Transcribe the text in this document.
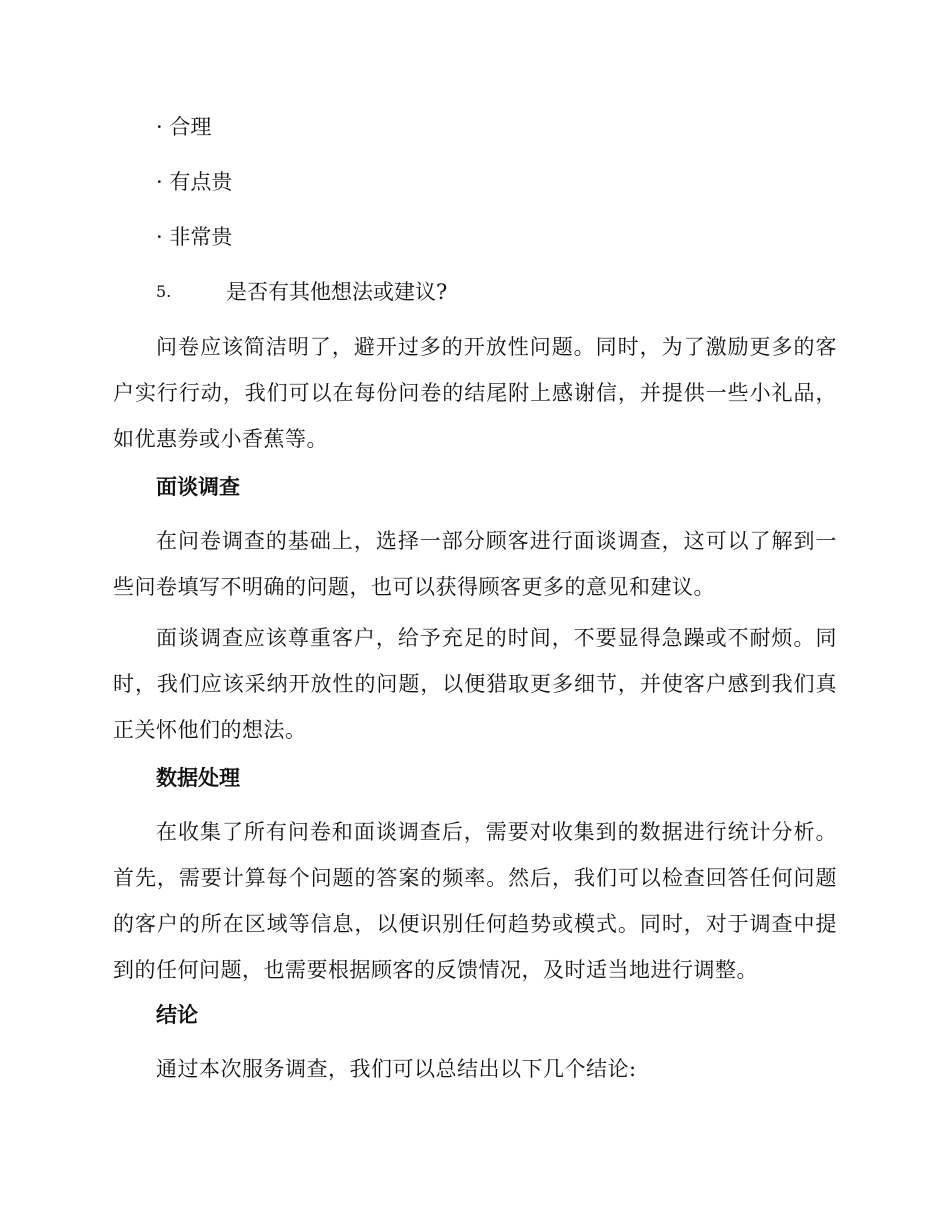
· 合理
· 有点贵
· 非常贵
5.	是否有其他想法或建议?
问卷应该简洁明了，避开过多的开放性问题。同时，为了激励更多的客户实行行动，我们可以在每份问卷的结尾附上感谢信，并提供一些小礼品，如优惠券或小香蕉等。
面谈调查
在问卷调查的基础上，选择一部分顾客进行面谈调查，这可以了解到一些问卷填写不明确的问题，也可以获得顾客更多的意见和建议。
面谈调查应该尊重客户，给予充足的时间，不要显得急躁或不耐烦。同时，我们应该采纳开放性的问题，以便猎取更多细节，并使客户感到我们真正关怀他们的想法。
数据处理
在收集了所有问卷和面谈调查后，需要对收集到的数据进行统计分析。首先，需要计算每个问题的答案的频率。然后，我们可以检查回答任何问题的客户的所在区域等信息，以便识别任何趋势或模式。同时，对于调查中提到的任何问题，也需要根据顾客的反馈情况，及时适当地进行调整。
结论
通过本次服务调查，我们可以总结出以下几个结论:
